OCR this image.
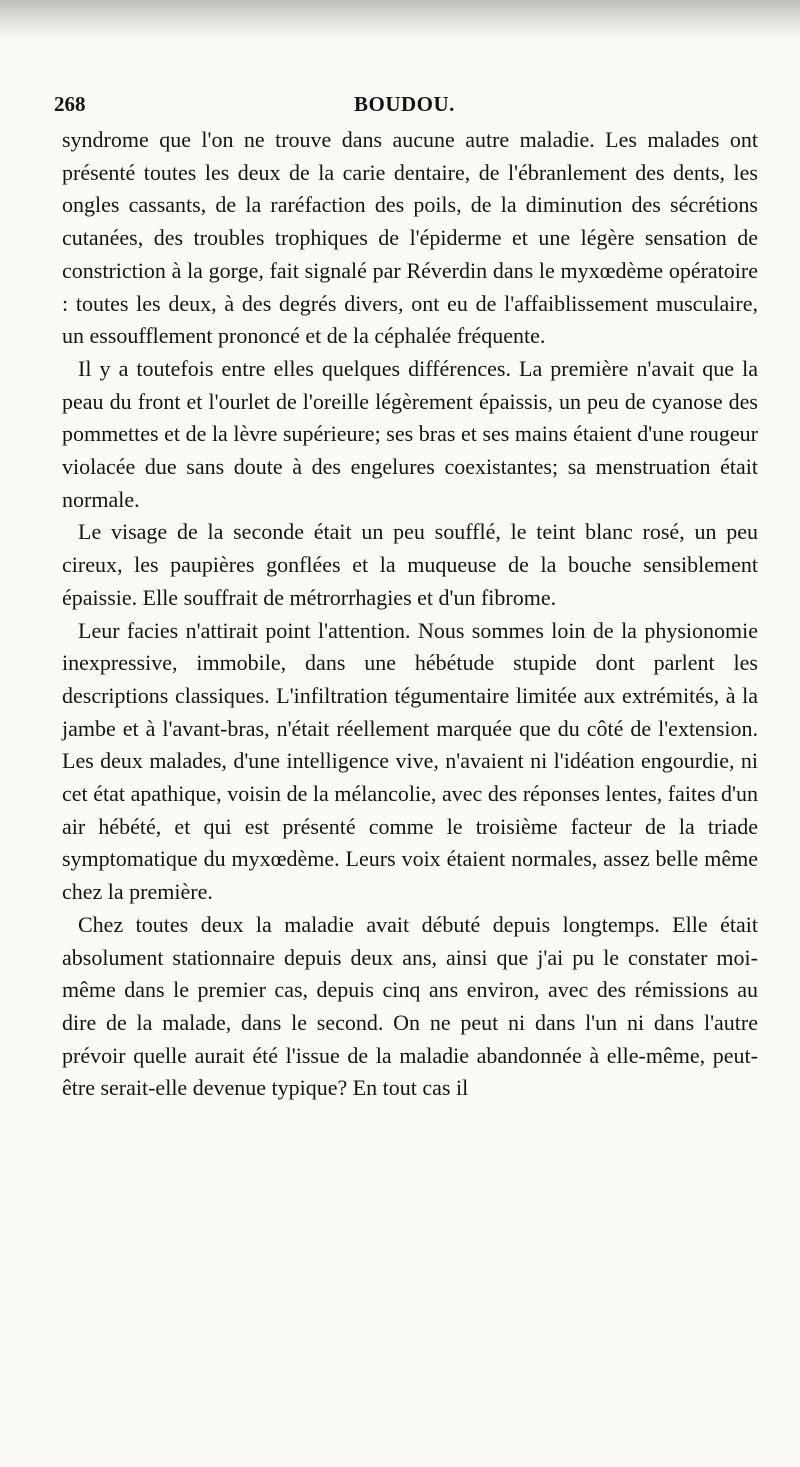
268	BOUDOU.

syndrome que l'on ne trouve dans aucune autre maladie. Les malades ont présenté toutes les deux de la carie dentaire, de l'ébranlement des dents, les ongles cassants, de la raréfaction des poils, de la diminution des sécrétions cutanées, des troubles trophiques de l'épiderme et une légère sensation de constriction à la gorge, fait signalé par Réverdin dans le myxœdème opératoire : toutes les deux, à des degrés divers, ont eu de l'affaiblissement musculaire, un essoufflement prononcé et de la céphalée fréquente.

Il y a toutefois entre elles quelques différences. La première n'avait que la peau du front et l'ourlet de l'oreille légèrement épaissis, un peu de cyanose des pommettes et de la lèvre supérieure; ses bras et ses mains étaient d'une rougeur violacée due sans doute à des engelures coexistantes; sa menstruation était normale.

Le visage de la seconde était un peu soufflé, le teint blanc rosé, un peu cireux, les paupières gonflées et la muqueuse de la bouche sensiblement épaissie. Elle souffrait de métrorrhagies et d'un fibrome.

Leur facies n'attirait point l'attention. Nous sommes loin de la physionomie inexpressive, immobile, dans une hébétude stupide dont parlent les descriptions classiques. L'infiltration tégumentaire limitée aux extrémités, à la jambe et à l'avant-bras, n'était réellement marquée que du côté de l'extension. Les deux malades, d'une intelligence vive, n'avaient ni l'idéation engourdie, ni cet état apathique, voisin de la mélancolie, avec des réponses lentes, faites d'un air hébété, et qui est présenté comme le troisième facteur de la triade symptomatique du myxœdème. Leurs voix étaient normales, assez belle même chez la première.

Chez toutes deux la maladie avait débuté depuis longtemps. Elle était absolument stationnaire depuis deux ans, ainsi que j'ai pu le constater moi-même dans le premier cas, depuis cinq ans environ, avec des rémissions au dire de la malade, dans le second. On ne peut ni dans l'un ni dans l'autre prévoir quelle aurait été l'issue de la maladie abandonnée à elle-même, peut-être serait-elle devenue typique? En tout cas il
